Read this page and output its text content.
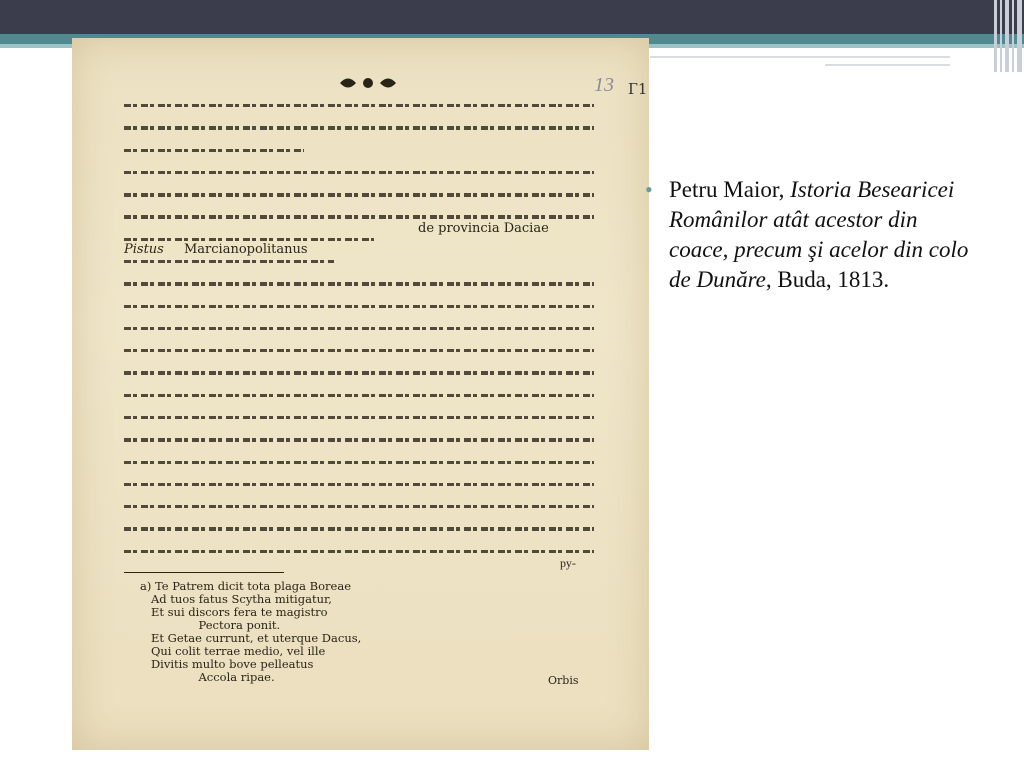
13 Г1
de provincia Daciae
Pistus Marcianopolitanus
ру-
a) Te Patrem dicit tota plaga Boreae
Ad tuos fatus Scytha mitigatur,
Et sui discors fera te magistro
Pectora ponit.
Et Getae currunt, et uterque Dacus,
Qui colit terrae medio, vel ille
Divitis multo bove pelleatus
Accola ripae.	Orbis
• Petru Maior, Istoria Besearicei Românilor atât acestor din coace, precum şi acelor din colo de Dunăre, Buda, 1813.
